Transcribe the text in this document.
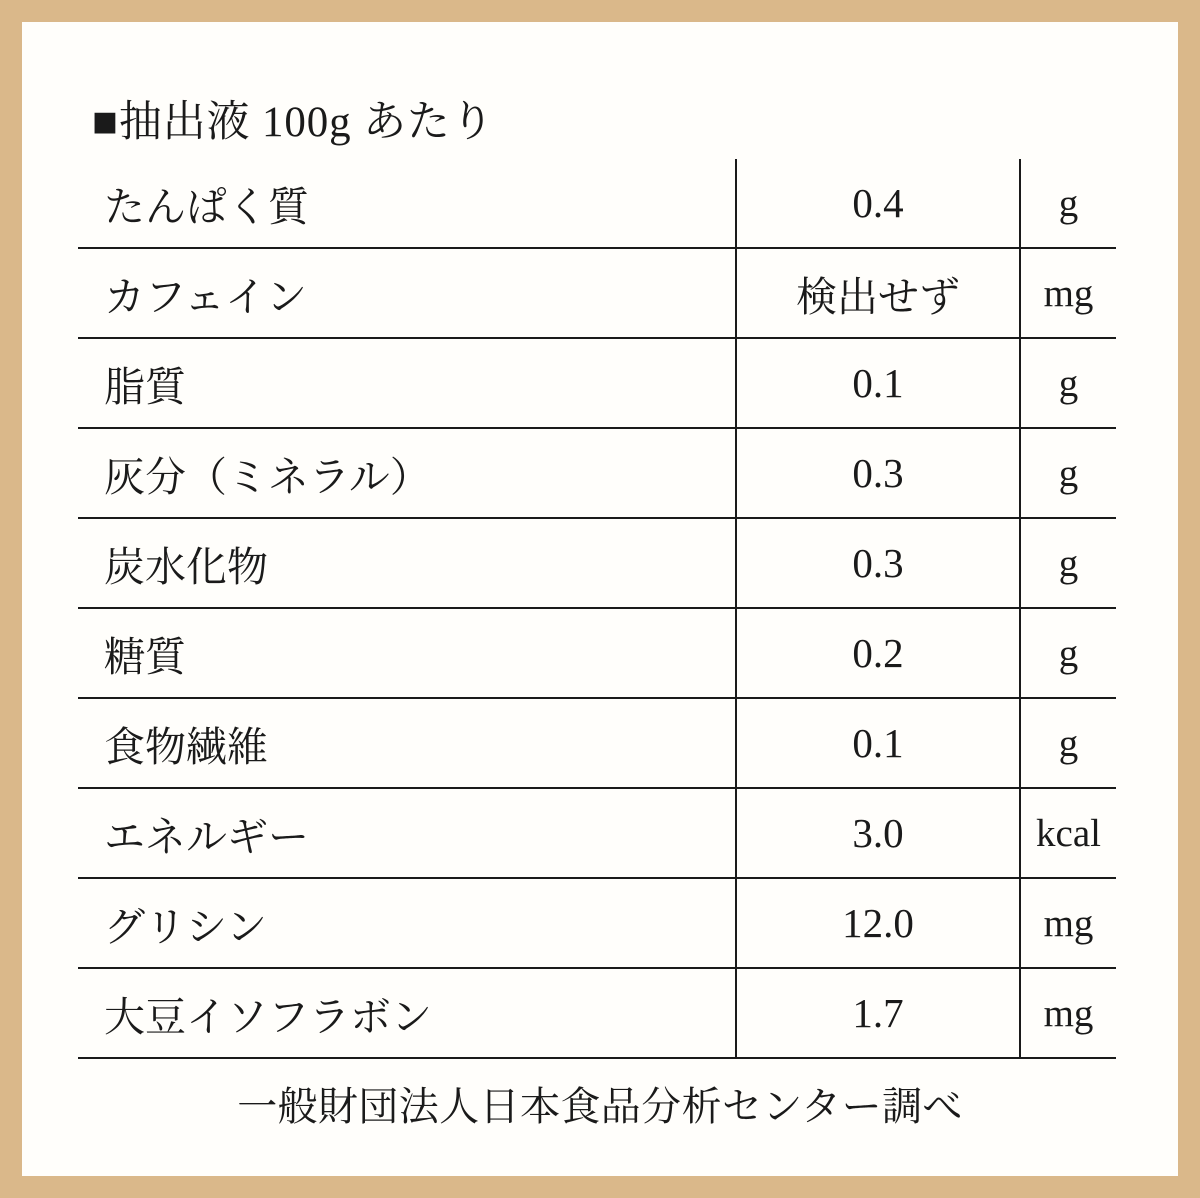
■抽出液 100g あたり
たんぱく質	0.4	g
カフェイン	検出せず	mg
脂質	0.1	g
灰分（ミネラル）	0.3	g
炭水化物	0.3	g
糖質	0.2	g
食物繊維	0.1	g
エネルギー	3.0	kcal
グリシン	12.0	mg
大豆イソフラボン	1.7	mg
一般財団法人日本食品分析センター調べ
